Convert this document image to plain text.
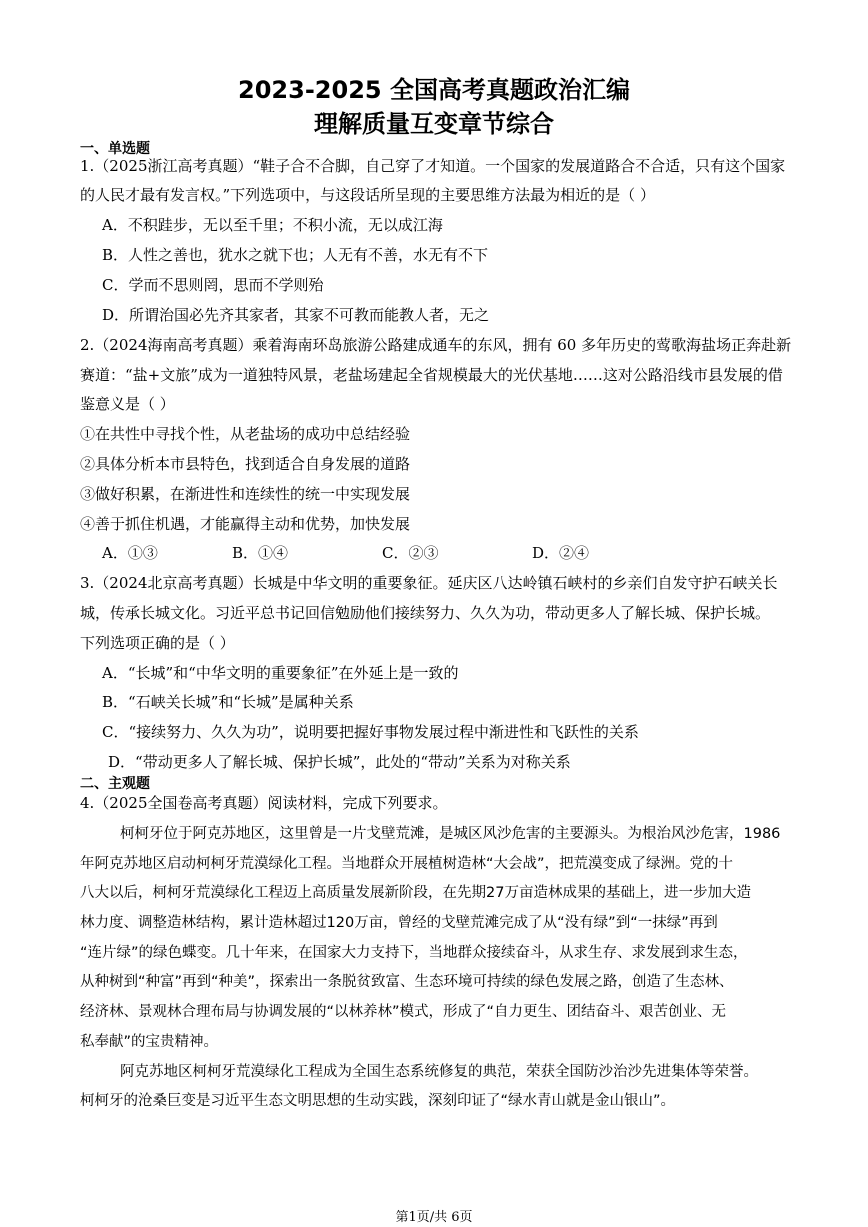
2023-2025 全国高考真题政治汇编
理解质量互变章节综合
一、单选题
1.（2025浙江高考真题）“鞋子合不合脚，自己穿了才知道。一个国家的发展道路合不合适，只有这个国家
的人民才最有发言权。”下列选项中，与这段话所呈现的主要思维方法最为相近的是（ ）
A．不积跬步，无以至千里；不积小流，无以成江海
B．人性之善也，犹水之就下也；人无有不善，水无有不下
C．学而不思则罔，思而不学则殆
D．所谓治国必先齐其家者，其家不可教而能教人者，无之
2.（2024海南高考真题）乘着海南环岛旅游公路建成通车的东风，拥有 60 多年历史的莺歌海盐场正奔赴新
赛道：“盐+文旅”成为一道独特风景，老盐场建起全省规模最大的光伏基地……这对公路沿线市县发展的借
鉴意义是（ ）
①在共性中寻找个性，从老盐场的成功中总结经验
②具体分析本市县特色，找到适合自身发展的道路
③做好积累，在渐进性和连续性的统一中实现发展
④善于抓住机遇，才能赢得主动和优势，加快发展
A．①③	B．①④	C．②③	D．②④
3.（2024北京高考真题）长城是中华文明的重要象征。延庆区八达岭镇石峡村的乡亲们自发守护石峡关长
城，传承长城文化。习近平总书记回信勉励他们接续努力、久久为功，带动更多人了解长城、保护长城。
下列选项正确的是（ ）
A．“长城”和“中华文明的重要象征”在外延上是一致的
B．“石峡关长城”和“长城”是属种关系
C．“接续努力、久久为功”，说明要把握好事物发展过程中渐进性和飞跃性的关系
D．“带动更多人了解长城、保护长城”，此处的“带动”关系为对称关系
二、主观题
4.（2025全国卷高考真题）阅读材料，完成下列要求。
柯柯牙位于阿克苏地区，这里曾是一片戈壁荒滩，是城区风沙危害的主要源头。为根治风沙危害，1986
年阿克苏地区启动柯柯牙荒漠绿化工程。当地群众开展植树造林“大会战”，把荒漠变成了绿洲。党的十
八大以后，柯柯牙荒漠绿化工程迈上高质量发展新阶段，在先期27万亩造林成果的基础上，进一步加大造
林力度、调整造林结构，累计造林超过120万亩，曾经的戈壁荒滩完成了从“没有绿”到“一抹绿”再到
“连片绿”的绿色蝶变。几十年来，在国家大力支持下，当地群众接续奋斗，从求生存、求发展到求生态，
从种树到“种富”再到“种美”，探索出一条脱贫致富、生态环境可持续的绿色发展之路，创造了生态林、
经济林、景观林合理布局与协调发展的“以林养林”模式，形成了“自力更生、团结奋斗、艰苦创业、无
私奉献”的宝贵精神。
阿克苏地区柯柯牙荒漠绿化工程成为全国生态系统修复的典范，荣获全国防沙治沙先进集体等荣誉。
柯柯牙的沧桑巨变是习近平生态文明思想的生动实践，深刻印证了“绿水青山就是金山银山”。
第1页/共 6页
